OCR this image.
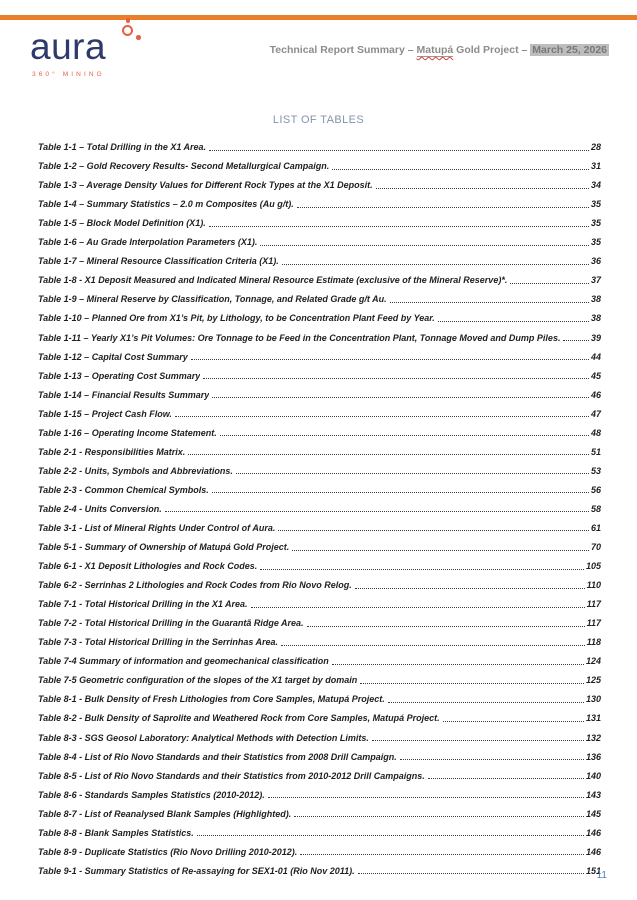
aura
360° MINING
Technical Report Summary – Matupá Gold Project – March 25, 2026
LIST OF TABLES
Table 1-1 – Total Drilling in the X1 Area.	28
Table 1-2 – Gold Recovery Results- Second Metallurgical Campaign.	31
Table 1-3 – Average Density Values for Different Rock Types at the X1 Deposit.	34
Table 1-4 – Summary Statistics – 2.0 m Composites (Au g/t).	35
Table 1-5 – Block Model Definition (X1).	35
Table 1-6 – Au Grade Interpolation Parameters (X1).	35
Table 1-7 – Mineral Resource Classification Criteria (X1).	36
Table 1-8 - X1 Deposit Measured and Indicated Mineral Resource Estimate (exclusive of the Mineral Reserve)*.	37
Table 1-9 – Mineral Reserve by Classification, Tonnage, and Related Grade g/t Au.	38
Table 1-10 – Planned Ore from X1’s Pit, by Lithology, to be Concentration Plant Feed by Year.	38
Table 1-11 – Yearly X1’s Pit Volumes: Ore Tonnage to be Feed in the Concentration Plant, Tonnage Moved and Dump Piles.	39
Table 1-12 – Capital Cost Summary	44
Table 1-13 – Operating Cost Summary	45
Table 1-14 – Financial Results Summary	46
Table 1-15 – Project Cash Flow.	47
Table 1-16 – Operating Income Statement.	48
Table 2-1 - Responsibilities Matrix.	51
Table 2-2 - Units, Symbols and Abbreviations.	53
Table 2-3 - Common Chemical Symbols.	56
Table 2-4 - Units Conversion.	58
Table 3-1 - List of Mineral Rights Under Control of Aura.	61
Table 5-1 - Summary of Ownership of Matupá Gold Project.	70
Table 6-1 - X1 Deposit Lithologies and Rock Codes.	105
Table 6-2 - Serrinhas 2 Lithologies and Rock Codes from Rio Novo Relog.	110
Table 7-1 - Total Historical Drilling in the X1 Area.	117
Table 7-2 - Total Historical Drilling in the Guarantã Ridge Area.	117
Table 7-3 - Total Historical Drilling in the Serrinhas Area.	118
Table 7-4 Summary of information and geomechanical classification	124
Table 7-5 Geometric configuration of the slopes of the X1 target by domain	125
Table 8-1 - Bulk Density of Fresh Lithologies from Core Samples, Matupá Project.	130
Table 8-2 - Bulk Density of Saprolite and Weathered Rock from Core Samples, Matupá Project.	131
Table 8-3 - SGS Geosol Laboratory: Analytical Methods with Detection Limits.	132
Table 8-4 - List of Rio Novo Standards and their Statistics from 2008 Drill Campaign.	136
Table 8-5 - List of Rio Novo Standards and their Statistics from 2010-2012 Drill Campaigns.	140
Table 8-6 - Standards Samples Statistics (2010-2012).	143
Table 8-7 - List of Reanalysed Blank Samples (Highlighted).	145
Table 8-8 - Blank Samples Statistics.	146
Table 8-9 - Duplicate Statistics (Rio Novo Drilling 2010-2012).	146
Table 9-1 - Summary Statistics of Re-assaying for SEX1-01 (Rio Nov 2011).	151
11
